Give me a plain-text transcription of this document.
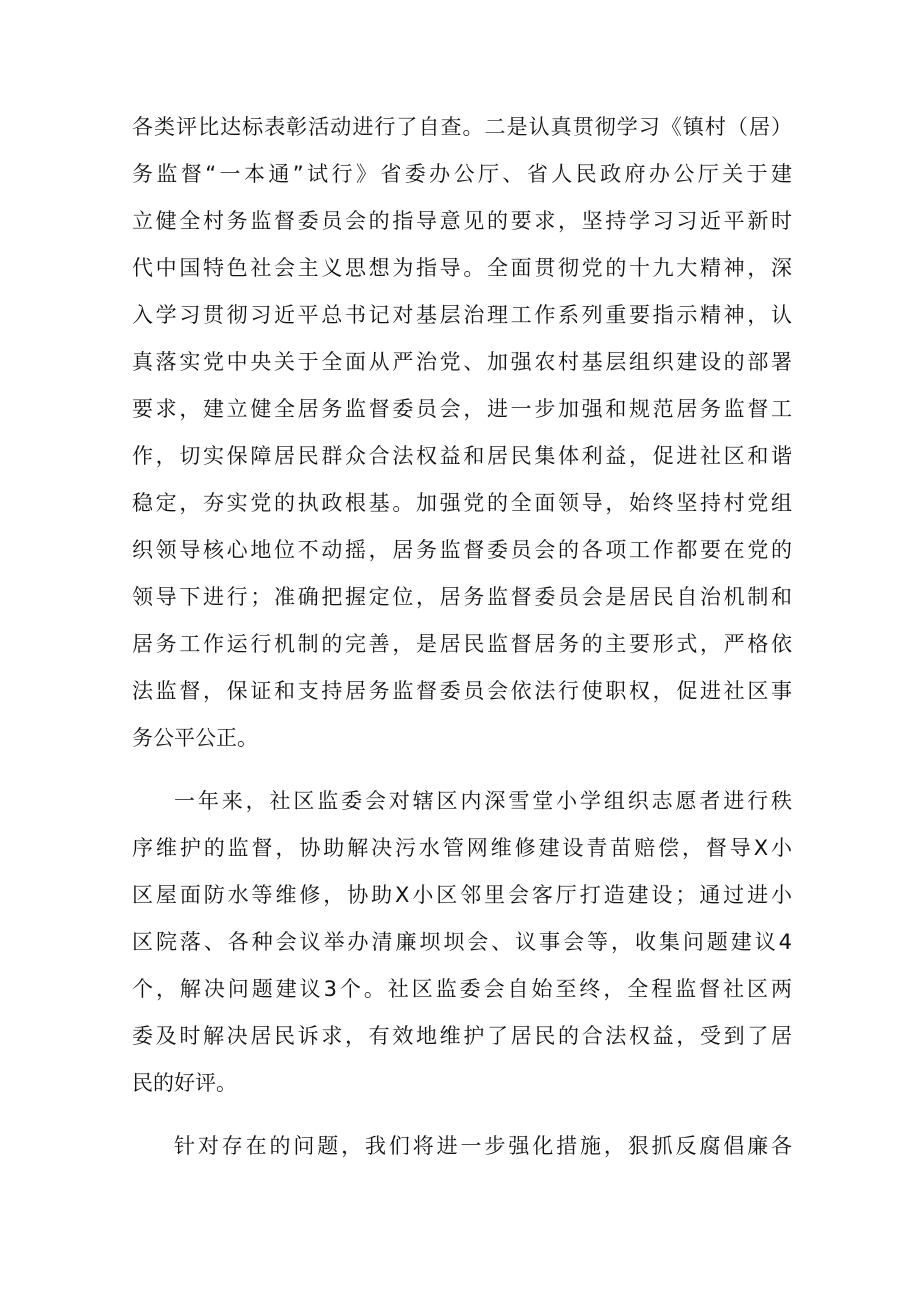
各类评比达标表彰活动进行了自查。二是认真贯彻学习《镇村（居）
务监督“一本通”试行》省委办公厅、省人民政府办公厅关于建
立健全村务监督委员会的指导意见的要求，坚持学习习近平新时
代中国特色社会主义思想为指导。全面贯彻党的十九大精神，深
入学习贯彻习近平总书记对基层治理工作系列重要指示精神，认
真落实党中央关于全面从严治党、加强农村基层组织建设的部署
要求，建立健全居务监督委员会，进一步加强和规范居务监督工
作，切实保障居民群众合法权益和居民集体利益，促进社区和谐
稳定，夯实党的执政根基。加强党的全面领导，始终坚持村党组
织领导核心地位不动摇，居务监督委员会的各项工作都要在党的
领导下进行；准确把握定位，居务监督委员会是居民自治机制和
居务工作运行机制的完善，是居民监督居务的主要形式，严格依
法监督，保证和支持居务监督委员会依法行使职权，促进社区事
务公平公正。
一年来，社区监委会对辖区内深雪堂小学组织志愿者进行秩
序维护的监督，协助解决污水管网维修建设青苗赔偿，督导X小
区屋面防水等维修，协助X小区邻里会客厅打造建设；通过进小
区院落、各种会议举办清廉坝坝会、议事会等，收集问题建议4
个，解决问题建议3个。社区监委会自始至终，全程监督社区两
委及时解决居民诉求，有效地维护了居民的合法权益，受到了居
民的好评。
针对存在的问题，我们将进一步强化措施，狠抓反腐倡廉各
